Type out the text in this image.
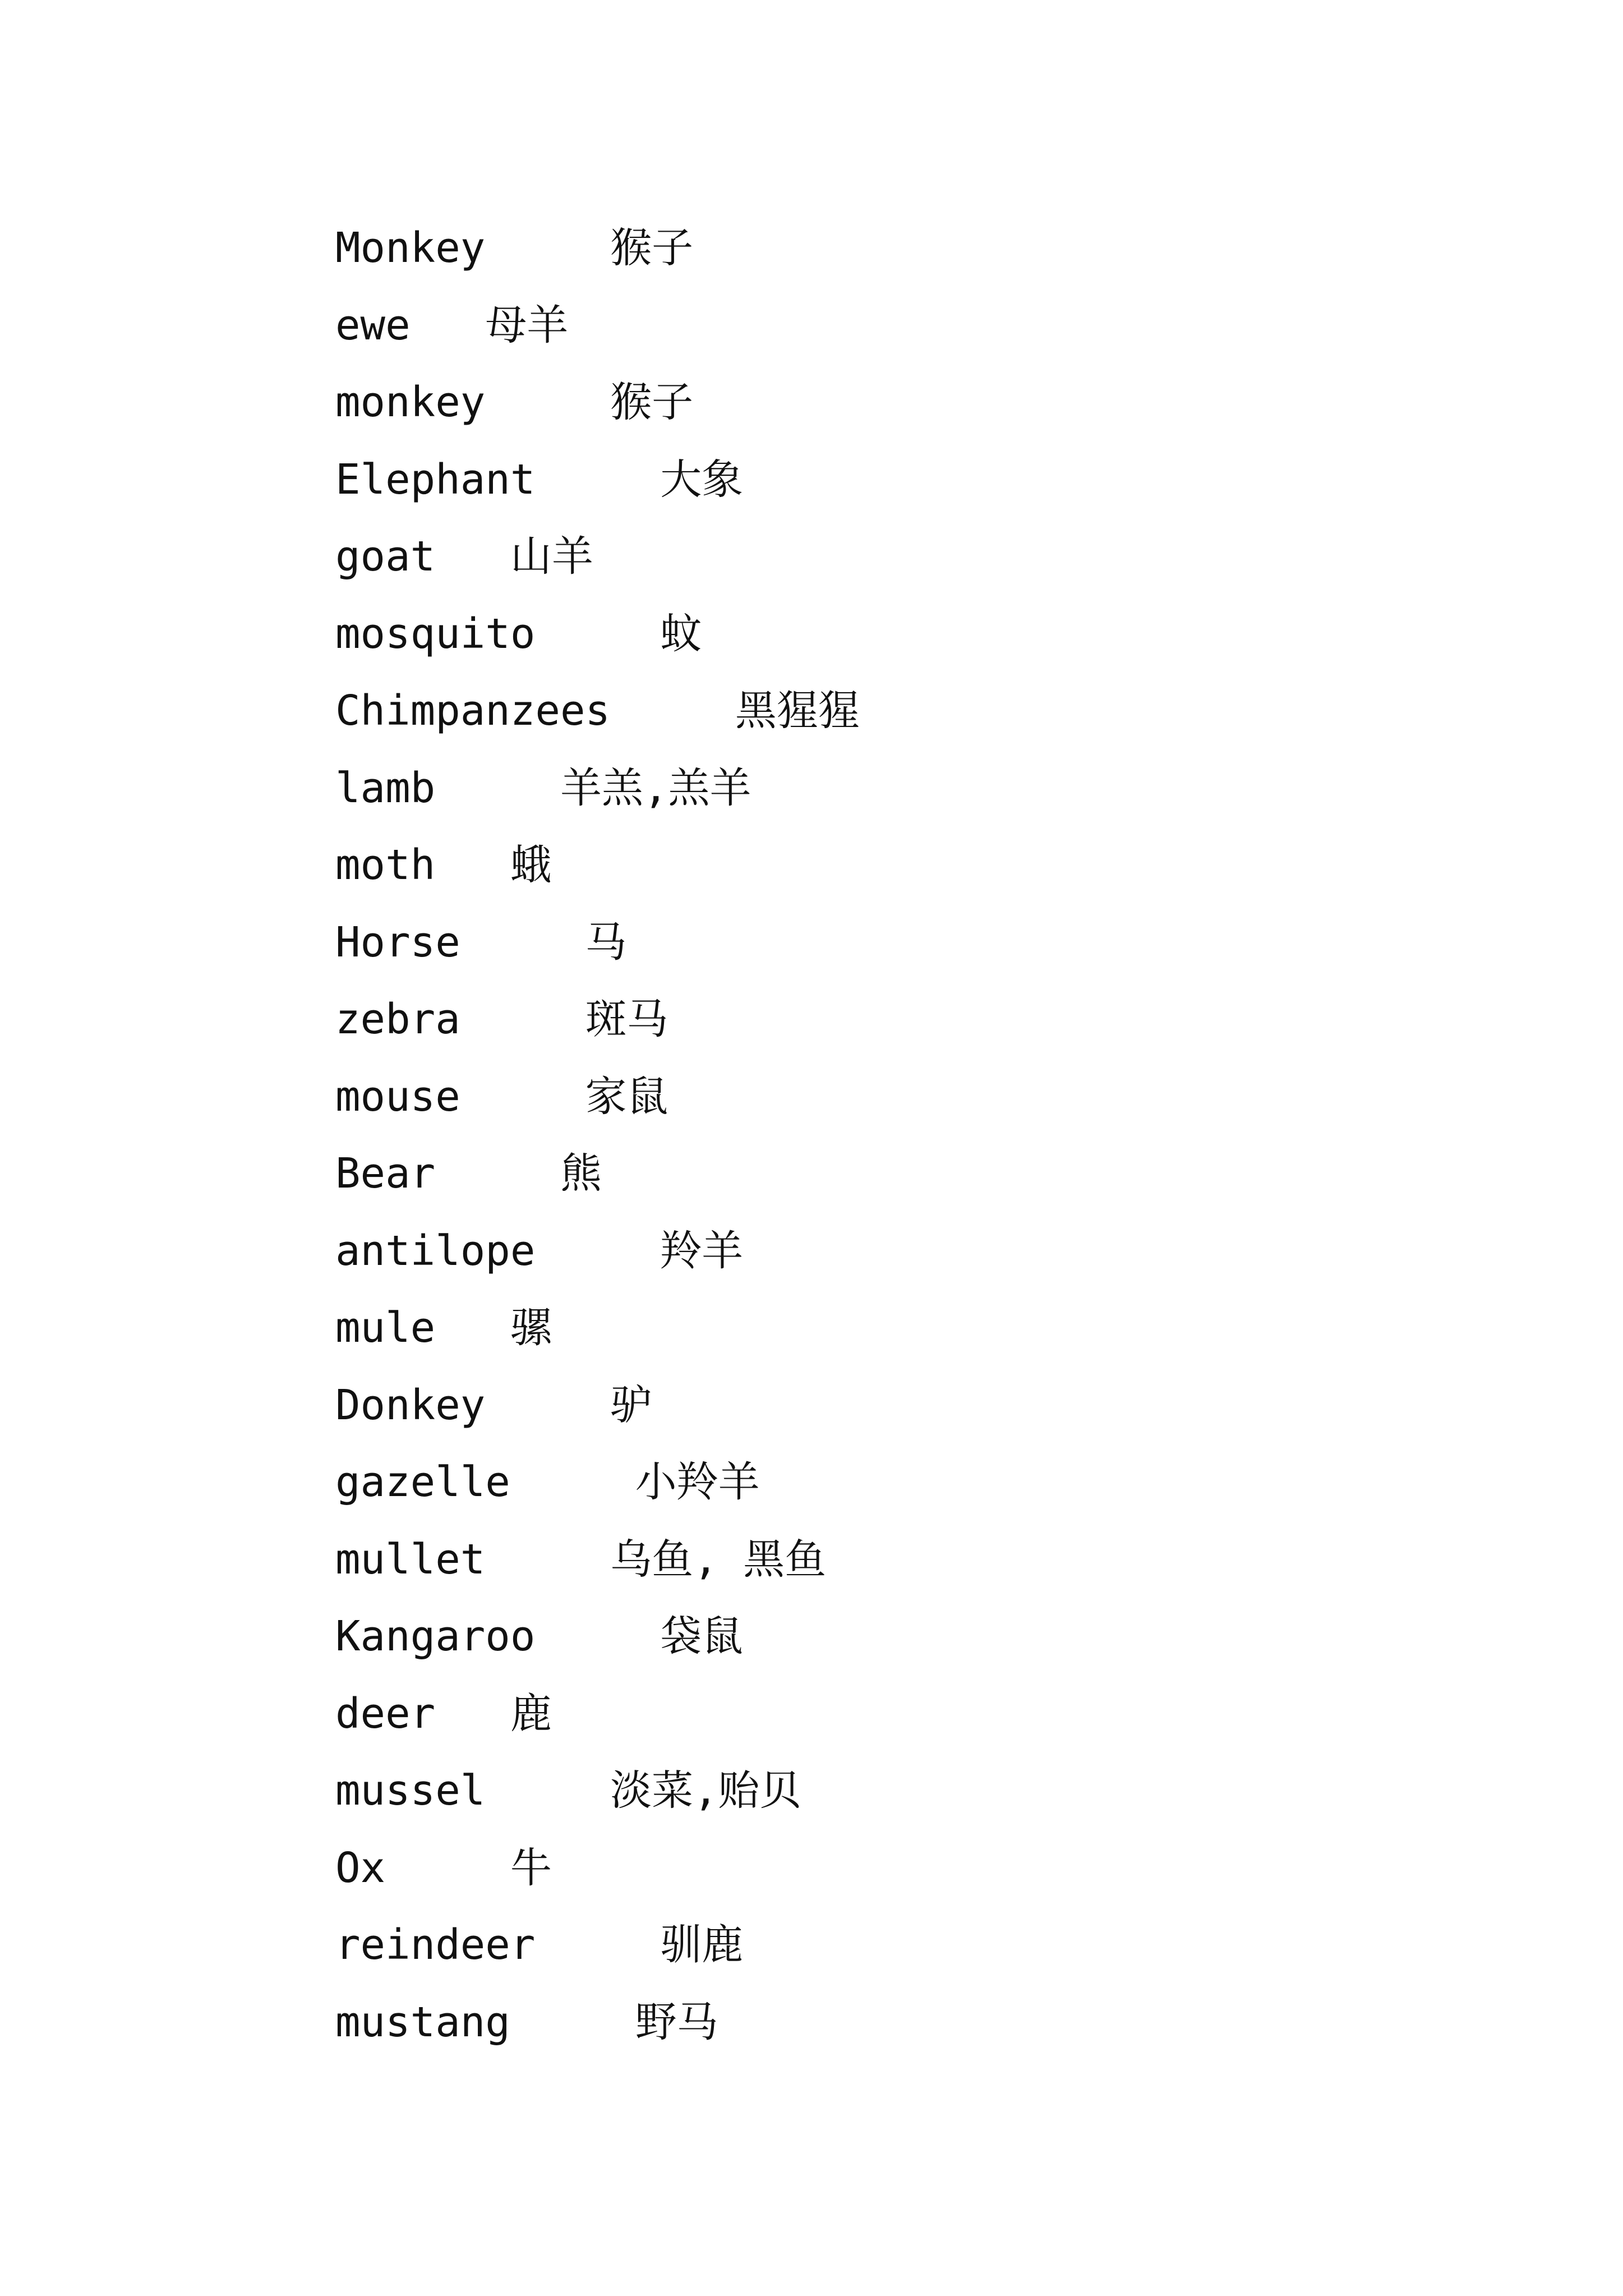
Monkey	猴子
ewe 母羊
monkey	猴子
Elephant	大象
goat 山羊
mosquito	蚊
Chimpanzees	黑猩猩
lamb	羊羔,羔羊
moth 蛾
Horse	马
zebra	斑马
mouse	家鼠
Bear	熊
antilope	羚羊
mule 骡
Donkey	驴
gazelle	小羚羊
mullet	乌鱼, 黑鱼
Kangaroo	袋鼠
deer 鹿
mussel	淡菜,贻贝
Ox	牛
reindeer	驯鹿
mustang	野马
